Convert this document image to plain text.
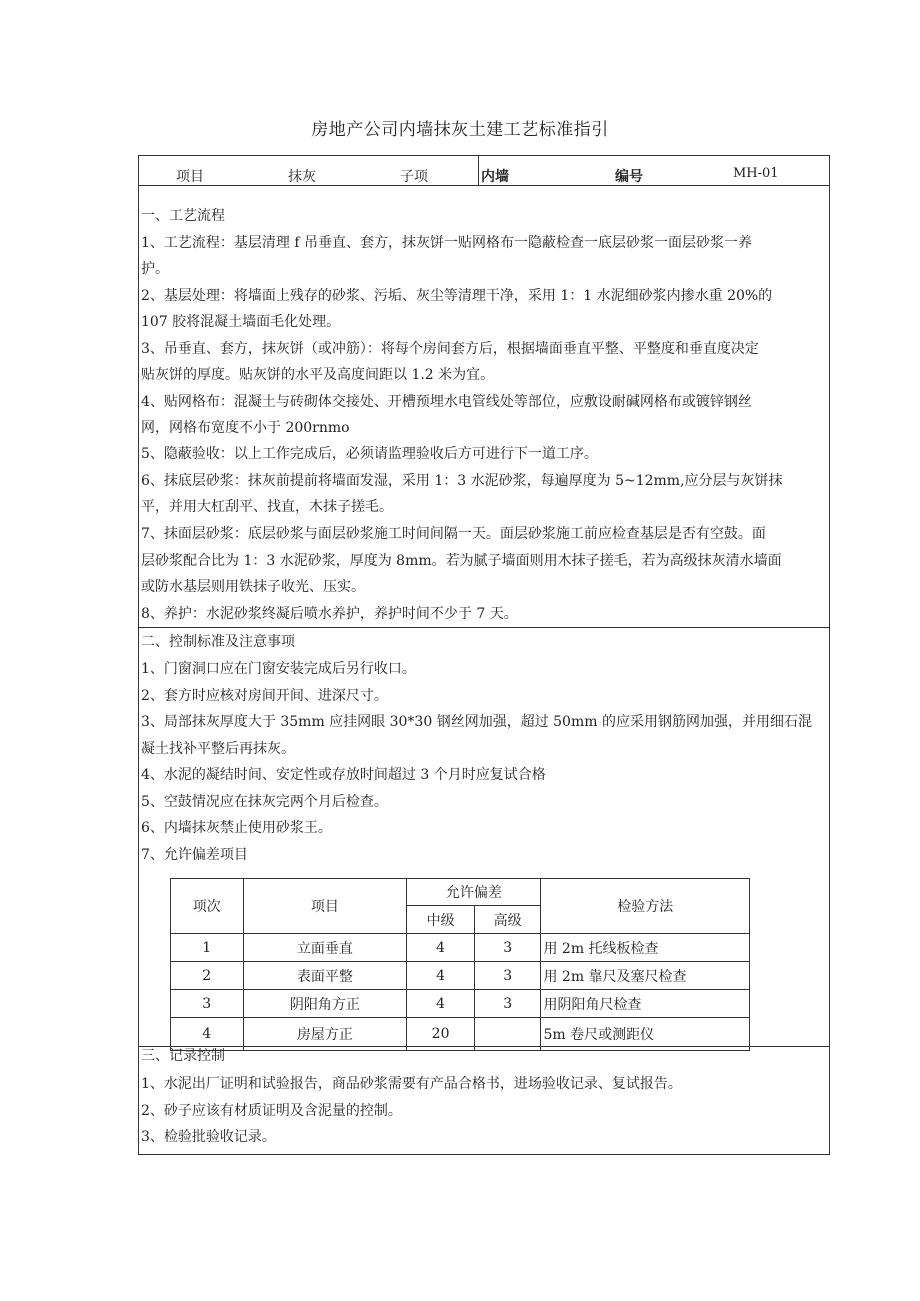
房地产公司内墙抹灰土建工艺标准指引
项目	抹灰	子项	内墙	编号	MH-01
一、工艺流程
1、工艺流程：基层清理 f 吊垂直、套方，抹灰饼一贴网格布一隐蔽检查一底层砂浆一面层砂浆一养
护。
2、基层处理：将墙面上残存的砂浆、污垢、灰尘等清理干净，采用 1：1 水泥细砂浆内掺水重 20%的
107 胶将混凝土墙面毛化处理。
3、吊垂直、套方，抹灰饼（或冲筋）：将每个房间套方后，根据墙面垂直平整、平整度和垂直度决定
贴灰饼的厚度。贴灰饼的水平及高度间距以 1.2 米为宜。
4、贴网格布：混凝土与砖砌体交接处、开槽预埋水电管线处等部位，应敷设耐碱网格布或镀锌钢丝
网，网格布宽度不小于 200rnmo
5、隐蔽验收：以上工作完成后，必须请监理验收后方可进行下一道工序。
6、抹底层砂浆：抹灰前提前将墙面发湿，采用 1：3 水泥砂浆，每遍厚度为 5~12mm,应分层与灰饼抹
平，并用大杠刮平、找直，木抹子搓毛。
7、抹面层砂浆：底层砂浆与面层砂浆施工时间间隔一天。面层砂浆施工前应检查基层是否有空鼓。面
层砂浆配合比为 1：3 水泥砂浆，厚度为 8mm。若为腻子墙面则用木抹子搓毛，若为高级抹灰清水墙面
或防水基层则用铁抹子收光、压实。
8、养护：水泥砂浆终凝后喷水养护，养护时间不少于 7 天。
二、控制标准及注意事项
1、门窗洞口应在门窗安装完成后另行收口。
2、套方时应核对房间开间、进深尺寸。
3、局部抹灰厚度大于 35mm 应挂网眼 30*30 钢丝网加强，超过 50mm 的应采用钢筋网加强，并用细石混
凝土找补平整后再抹灰。
4、水泥的凝结时间、安定性或存放时间超过 3 个月时应复试合格
5、空鼓情况应在抹灰完两个月后检查。
6、内墙抹灰禁止使用砂浆王。
7、允许偏差项目
项次	项目	允许偏差		检验方法
		中级	高级	
1	立面垂直	4	3	用 2m 托线板检查
2	表面平整	4	3	用 2m 靠尺及塞尺检查
3	阴阳角方正	4	3	用阴阳角尺检查
4	房屋方正	20		5m 卷尺或测距仪
三、记录控制
1、水泥出厂证明和试验报告，商品砂浆需要有产品合格书，进场验收记录、复试报告。
2、砂子应该有材质证明及含泥量的控制。
3、检验批验收记录。
